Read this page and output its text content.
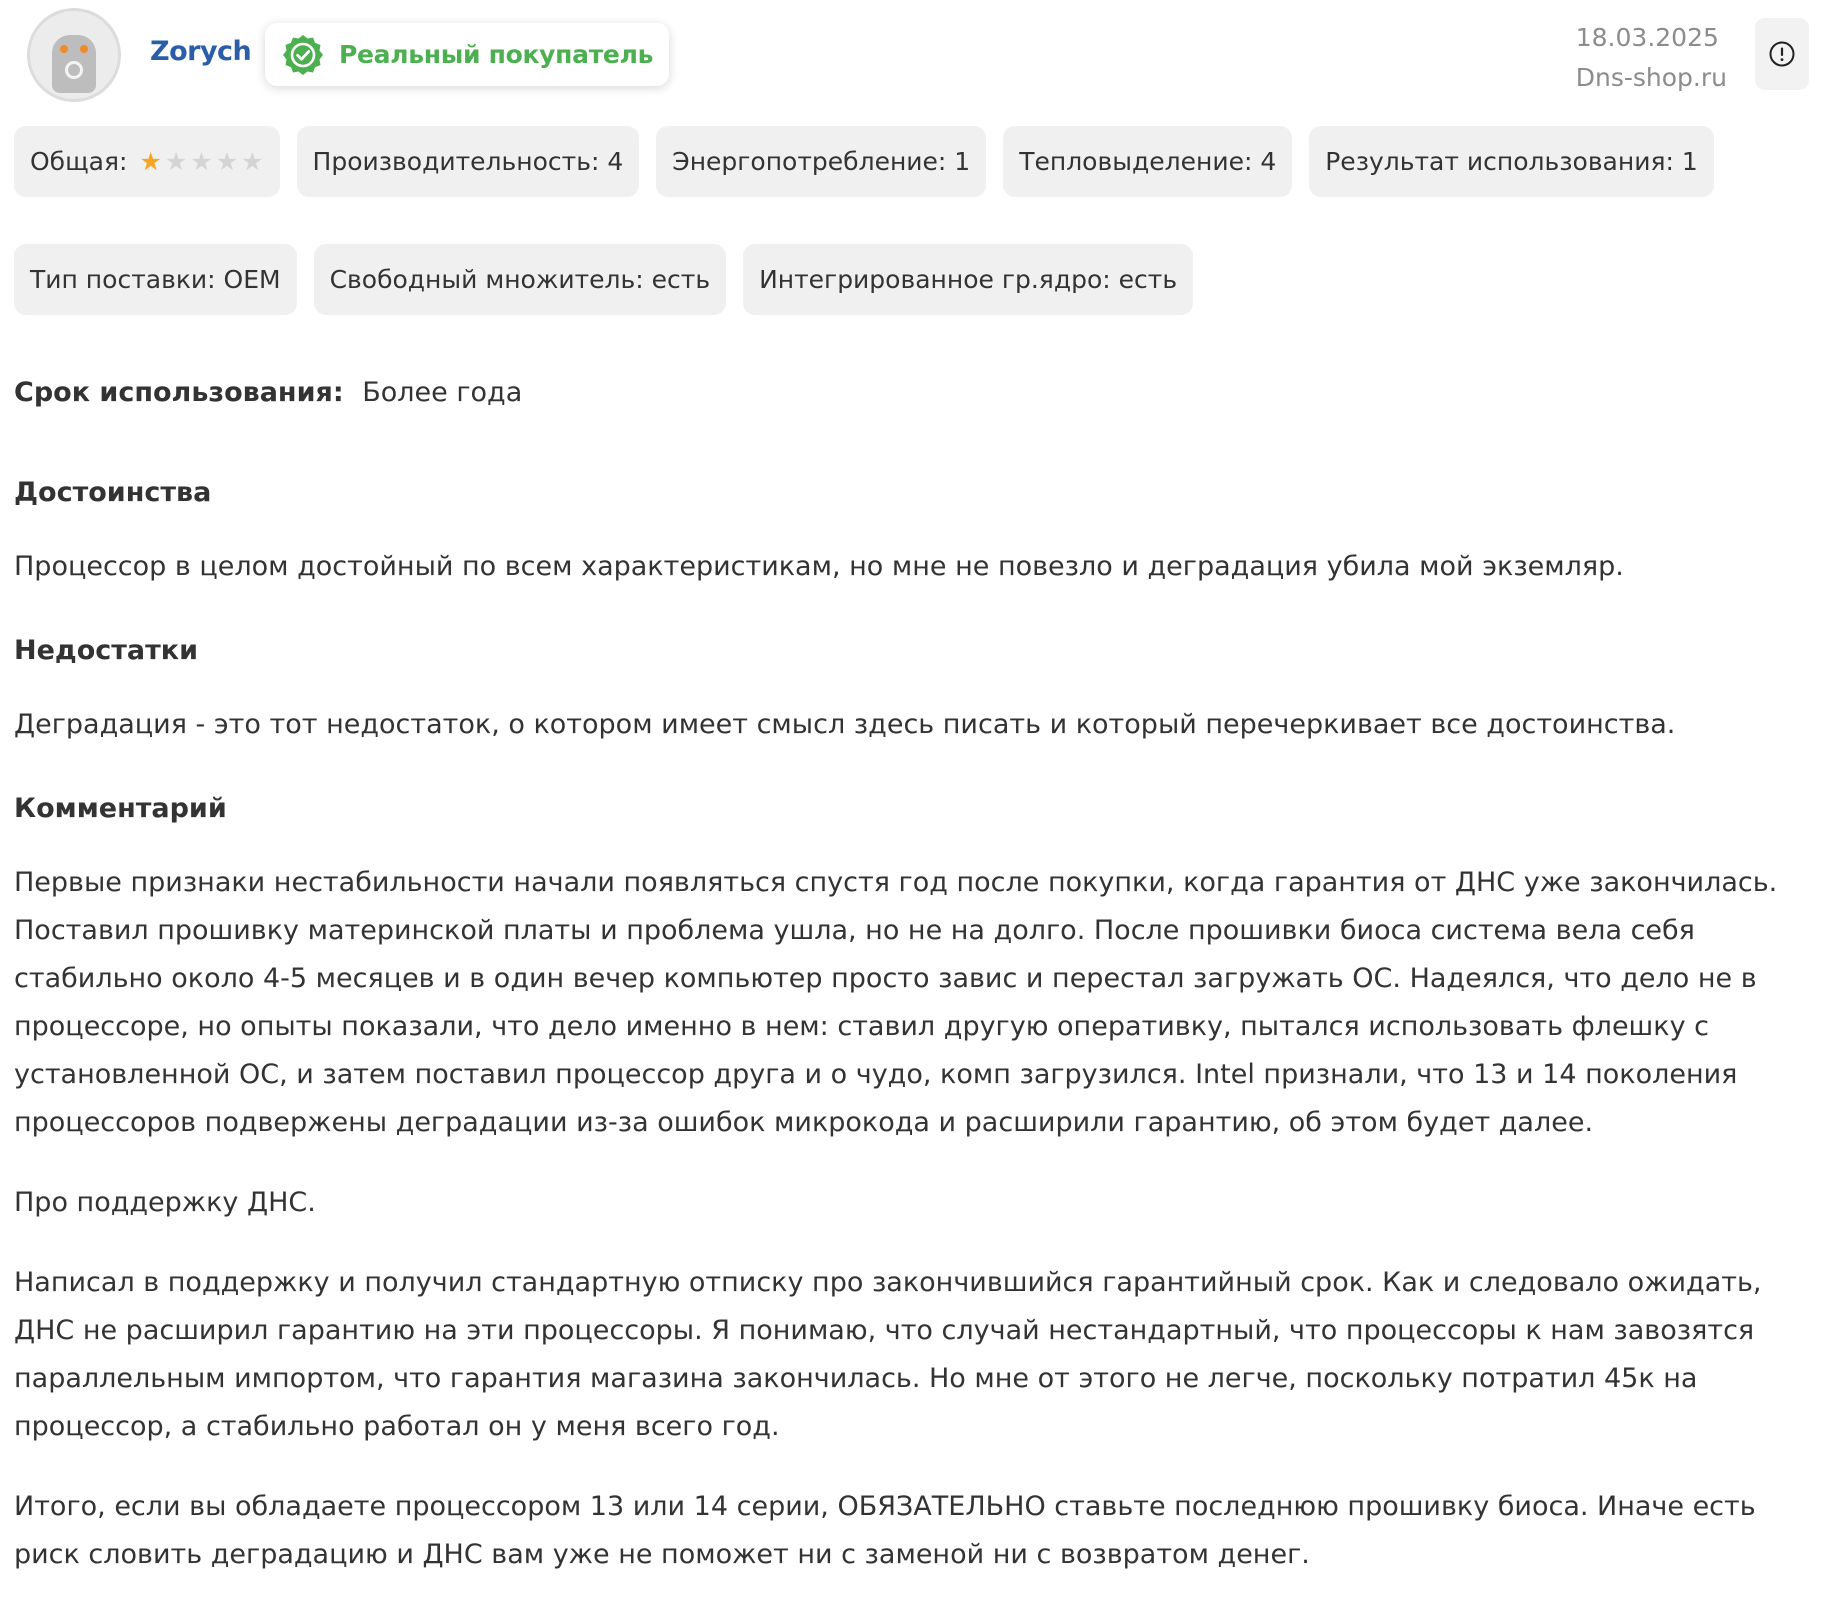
Zorych	Реальный покупатель
18.03.2025
Dns-shop.ru
Общая: ★ ★ ★ ★ ★	Производительность: 4	Энергопотребление: 1	Тепловыделение: 4	Результат использования: 1
Тип поставки: OEM	Свободный множитель: есть	Интегрированное гр.ядро: есть
Срок использования: Более года
Достоинства
Процессор в целом достойный по всем характеристикам, но мне не повезло и деградация убила мой экземляр.
Недостатки
Деградация - это тот недостаток, о котором имеет смысл здесь писать и который перечеркивает все достоинства.
Комментарий
Первые признаки нестабильности начали появляться спустя год после покупки, когда гарантия от ДНС уже закончилась. Поставил прошивку материнской платы и проблема ушла, но не на долго. После прошивки биоса система вела себя стабильно около 4-5 месяцев и в один вечер компьютер просто завис и перестал загружать ОС. Надеялся, что дело не в процессоре, но опыты показали, что дело именно в нем: ставил другую оперативку, пытался использовать флешку с установленной ОС, и затем поставил процессор друга и о чудо, комп загрузился. Intel признали, что 13 и 14 поколения процессоров подвержены деградации из-за ошибок микрокода и расширили гарантию, об этом будет далее.
Про поддержку ДНС.
Написал в поддержку и получил стандартную отписку про закончившийся гарантийный срок. Как и следовало ожидать, ДНС не расширил гарантию на эти процессоры. Я понимаю, что случай нестандартный, что процессоры к нам завозятся параллельным импортом, что гарантия магазина закончилась. Но мне от этого не легче, поскольку потратил 45к на процессор, а стабильно работал он у меня всего год.
Итого, если вы обладаете процессором 13 или 14 серии, ОБЯЗАТЕЛЬНО ставьте последнюю прошивку биоса. Иначе есть риск словить деградацию и ДНС вам уже не поможет ни с заменой ни с возвратом денег.
